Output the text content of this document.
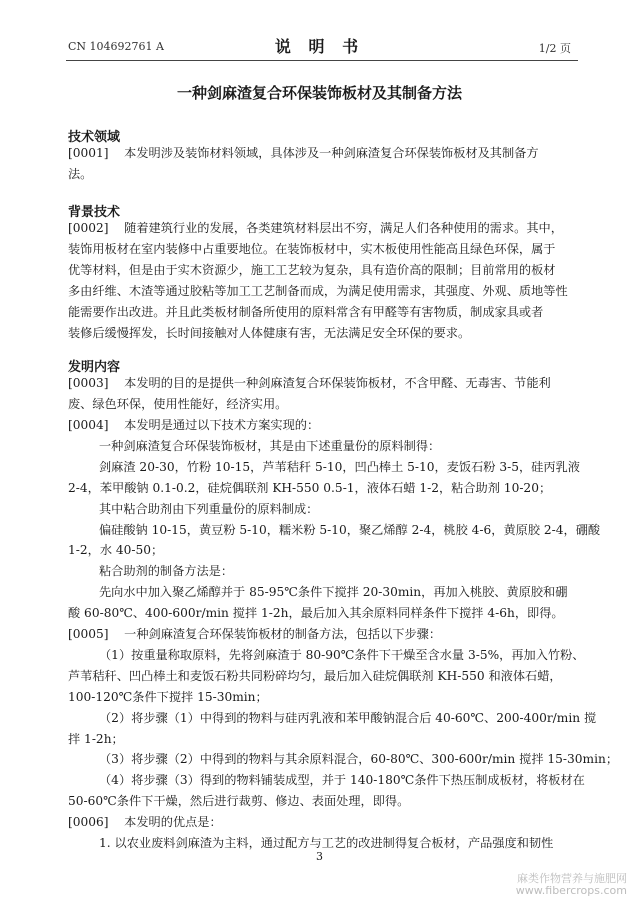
CN 104692761 A	说 明 书	1/2 页
一种剑麻渣复合环保装饰板材及其制备方法
技术领域
[0001] 本发明涉及装饰材料领域，具体涉及一种剑麻渣复合环保装饰板材及其制备方
法。
背景技术
[0002] 随着建筑行业的发展，各类建筑材料层出不穷，满足人们各种使用的需求。其中，
装饰用板材在室内装修中占重要地位。在装饰板材中，实木板使用性能高且绿色环保，属于
优等材料，但是由于实木资源少，施工工艺较为复杂，具有造价高的限制；目前常用的板材
多由纤维、木渣等通过胶粘等加工工艺制备而成，为满足使用需求，其强度、外观、质地等性
能需要作出改进。并且此类板材制备所使用的原料常含有甲醛等有害物质，制成家具或者
装修后缓慢挥发，长时间接触对人体健康有害，无法满足安全环保的要求。
发明内容
[0003] 本发明的目的是提供一种剑麻渣复合环保装饰板材，不含甲醛、无毒害、节能利
废、绿色环保，使用性能好，经济实用。
[0004] 本发明是通过以下技术方案实现的：
一种剑麻渣复合环保装饰板材，其是由下述重量份的原料制得：
剑麻渣 20-30，竹粉 10-15，芦苇秸秆 5-10，凹凸棒土 5-10，麦饭石粉 3-5，硅丙乳液
2-4，苯甲酸钠 0.1-0.2，硅烷偶联剂 KH-550 0.5-1，液体石蜡 1-2，粘合助剂 10-20；
其中粘合助剂由下列重量份的原料制成：
偏硅酸钠 10-15，黄豆粉 5-10，糯米粉 5-10，聚乙烯醇 2-4，桃胶 4-6，黄原胶 2-4，硼酸
1-2，水 40-50；
粘合助剂的制备方法是：
先向水中加入聚乙烯醇并于 85-95℃条件下搅拌 20-30min，再加入桃胶、黄原胶和硼
酸 60-80℃、400-600r/min 搅拌 1-2h，最后加入其余原料同样条件下搅拌 4-6h，即得。
[0005] 一种剑麻渣复合环保装饰板材的制备方法，包括以下步骤：
（1）按重量称取原料，先将剑麻渣于 80-90℃条件下干燥至含水量 3-5%，再加入竹粉、
芦苇秸秆、凹凸棒土和麦饭石粉共同粉碎均匀，最后加入硅烷偶联剂 KH-550 和液体石蜡，
100-120℃条件下搅拌 15-30min；
（2）将步骤（1）中得到的物料与硅丙乳液和苯甲酸钠混合后 40-60℃、200-400r/min 搅
拌 1-2h；
（3）将步骤（2）中得到的物料与其余原料混合，60-80℃、300-600r/min 搅拌 15-30min；
（4）将步骤（3）得到的物料铺装成型，并于 140-180℃条件下热压制成板材，将板材在
50-60℃条件下干燥，然后进行裁剪、修边、表面处理，即得。
[0006] 本发明的优点是：
1. 以农业废料剑麻渣为主料，通过配方与工艺的改进制得复合板材，产品强度和韧性
3
麻类作物营养与施肥网
www.fibercrops.com
